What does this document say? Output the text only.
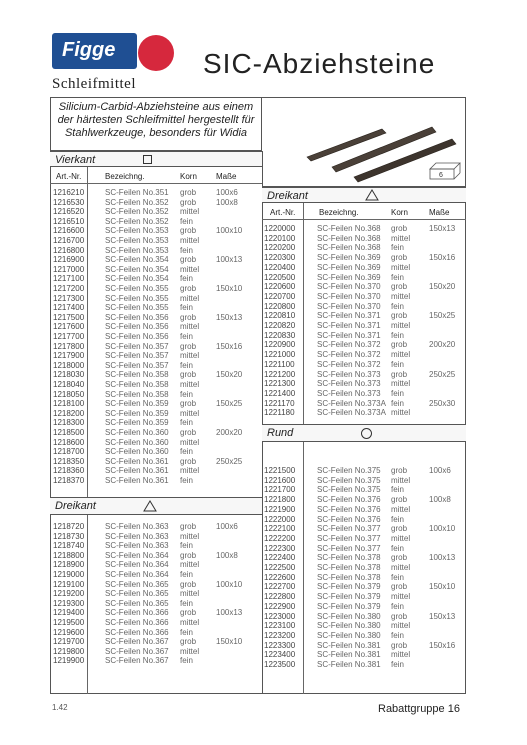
Figge
Schleifmittel
SIC-Abziehsteine
Silicium-Carbid-Abziehsteine aus einem
der härtesten Schleifmittel hergestellt für
Stahlwerkzeuge, besonders für Widia
6
Vierkant
Art.-Nr.	Bezeichng.	Korn Maße
1216210	SC-Feilen No.351 grob 100x6
1216530	SC-Feilen No.352 grob 100x8
1216520	SC-Feilen No.352 mittel
1216510	SC-Feilen No.352 fein
1216600	SC-Feilen No.353 grob 100x10
1216700	SC-Feilen No.353 mittel
1216800	SC-Feilen No.353 fein
1216900	SC-Feilen No.354 grob 100x13
1217000	SC-Feilen No.354 mittel
1217100	SC-Feilen No.354 fein
1217200	SC-Feilen No.355 grob 150x10
1217300	SC-Feilen No.355 mittel
1217400	SC-Feilen No.355 fein
1217500	SC-Feilen No.356 grob 150x13
1217600	SC-Feilen No.356 mittel
1217700	SC-Feilen No.356 fein
1217800	SC-Feilen No.357 grob 150x16
1217900	SC-Feilen No.357 mittel
1218000	SC-Feilen No.357 fein
1218030	SC-Feilen No.358 grob 150x20
1218040	SC-Feilen No.358 mittel
1218050	SC-Feilen No.358 fein
1218100	SC-Feilen No.359 grob 150x25
1218200	SC-Feilen No.359 mittel
1218300	SC-Feilen No.359 fein
1218500	SC-Feilen No.360 grob 200x20
1218600	SC-Feilen No.360 mittel
1218700	SC-Feilen No.360 fein
1218350	SC-Feilen No.361 grob 250x25
1218360	SC-Feilen No.361 mittel
1218370	SC-Feilen No.361 fein
Dreikant
1218720	SC-Feilen No.363 grob 100x6
1218730	SC-Feilen No.363 mittel
1218740	SC-Feilen No.363 fein
1218800	SC-Feilen No.364 grob 100x8
1218900	SC-Feilen No.364 mittel
1219000	SC-Feilen No.364 fein
1219100	SC-Feilen No.365 grob 100x10
1219200	SC-Feilen No.365 mittel
1219300	SC-Feilen No.365 fein
1219400	SC-Feilen No.366 grob 100x13
1219500	SC-Feilen No.366 mittel
1219600	SC-Feilen No.366 fein
1219700	SC-Feilen No.367 grob 150x10
1219800	SC-Feilen No.367 mittel
1219900	SC-Feilen No.367 fein
Dreikant
Art.-Nr.	Bezeichng.	Korn	Maße
1220000	SC-Feilen No.368 grob	150x13
1220100	SC-Feilen No.368 mittel
1220200	SC-Feilen No.368 fein
1220300	SC-Feilen No.369 grob	150x16
1220400	SC-Feilen No.369 mittel
1220500	SC-Feilen No.369 fein
1220600	SC-Feilen No.370 grob	150x20
1220700	SC-Feilen No.370 mittel
1220800	SC-Feilen No.370 fein
1220810	SC-Feilen No.371 grob	150x25
1220820	SC-Feilen No.371 mittel
1220830	SC-Feilen No.371 fein
1220900	SC-Feilen No.372 grob	200x20
1221000	SC-Feilen No.372 mittel
1221100	SC-Feilen No.372 fein
1221200	SC-Feilen No.373 grob	250x25
1221300	SC-Feilen No.373 mittel
1221400	SC-Feilen No.373 fein
1221170	SC-Feilen No.373A fein	250x30
1221180	SC-Feilen No.373A mittel
Rund
1221500	SC-Feilen No.375 grob	100x6
1221600	SC-Feilen No.375 mittel
1221700	SC-Feilen No.375 fein
1221800	SC-Feilen No.376 grob	100x8
1221900	SC-Feilen No.376 mittel
1222000	SC-Feilen No.376 fein
1222100	SC-Feilen No.377 grob	100x10
1222200	SC-Feilen No.377 mittel
1222300	SC-Feilen No.377 fein
1222400	SC-Feilen No.378 grob	100x13
1222500	SC-Feilen No.378 mittel
1222600	SC-Feilen No.378 fein
1222700	SC-Feilen No.379 grob	150x10
1222800	SC-Feilen No.379 mittel
1222900	SC-Feilen No.379 fein
1223000	SC-Feilen No.380 grob	150x13
1223100	SC-Feilen No.380 mittel
1223200	SC-Feilen No.380 fein
1223300	SC-Feilen No.381 grob	150x16
1223400	SC-Feilen No.381 mittel
1223500	SC-Feilen No.381 fein
1.42	Rabattgruppe 16
